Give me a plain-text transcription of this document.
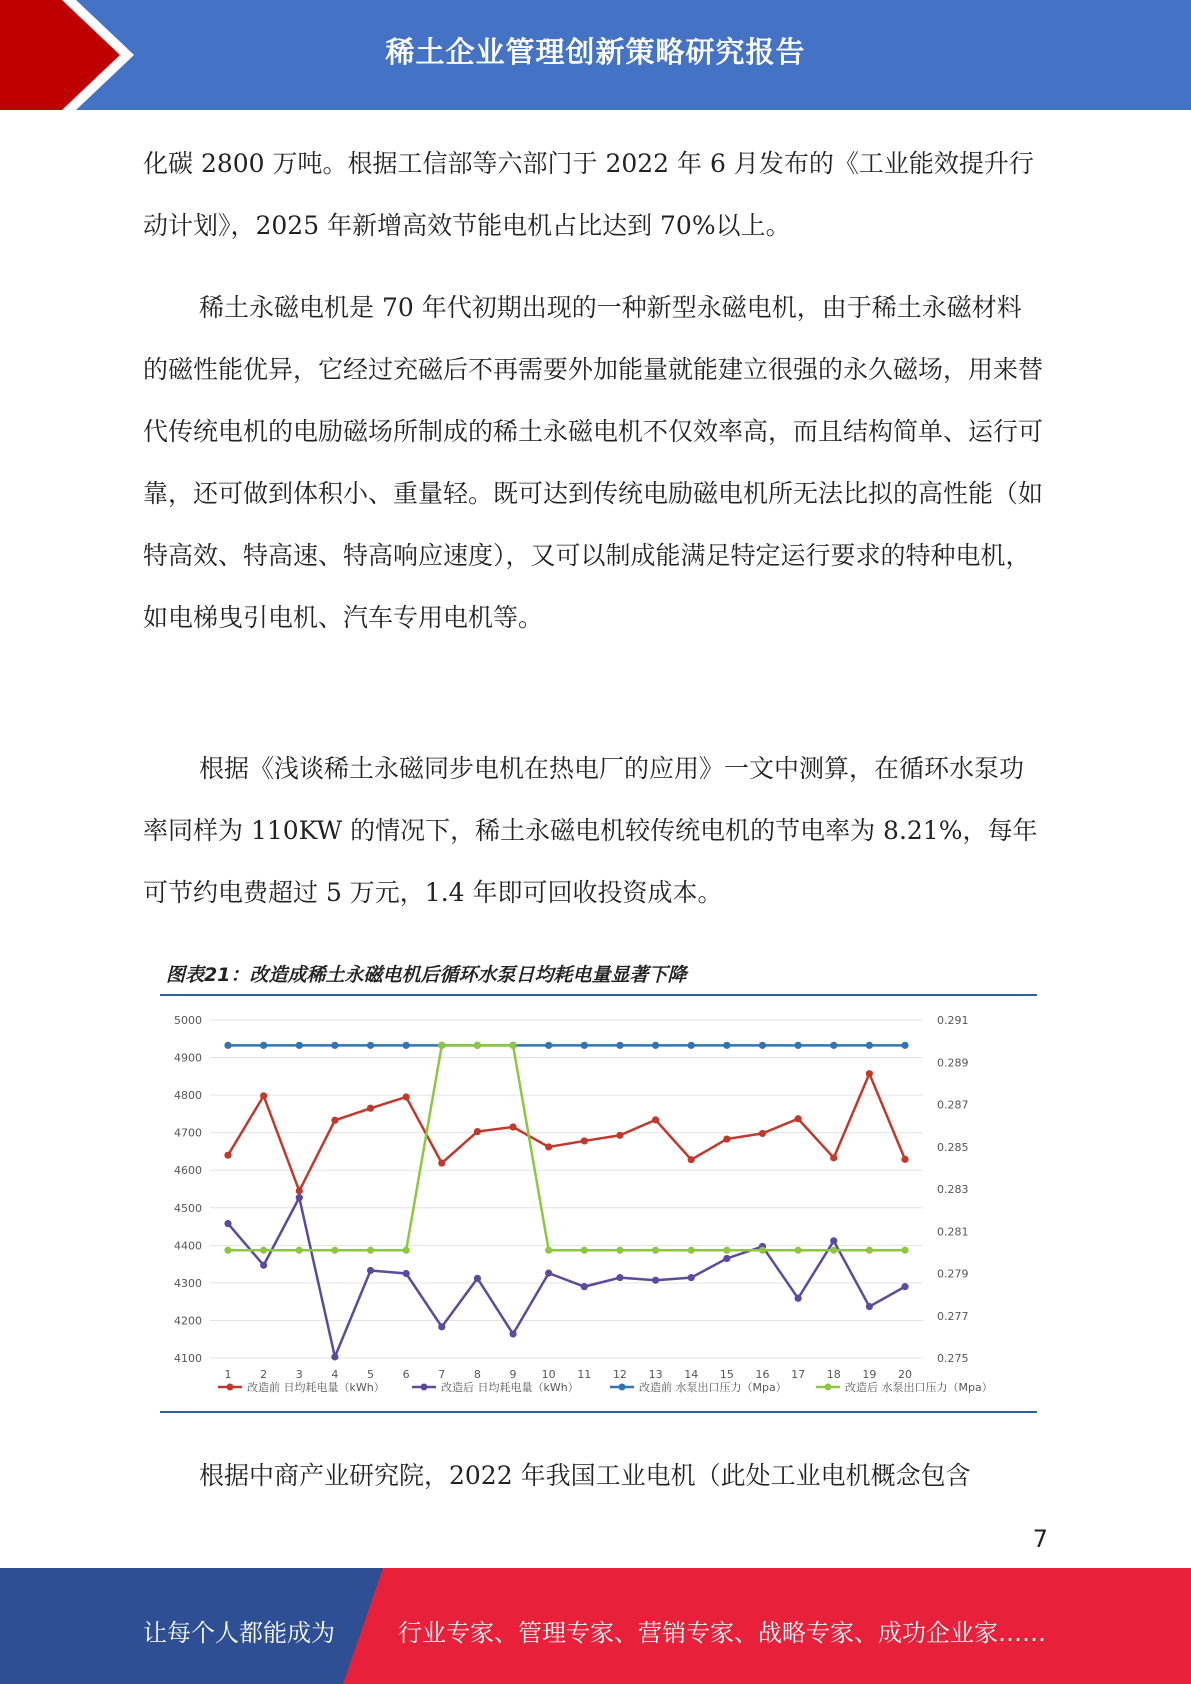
稀土企业管理创新策略研究报告

化碳 2800 万吨。根据工信部等六部门于 2022 年 6 月发布的《工业能效提升行动计划》，2025 年新增高效节能电机占比达到 70%以上。

稀土永磁电机是 70 年代初期出现的一种新型永磁电机，由于稀土永磁材料的磁性能优异，它经过充磁后不再需要外加能量就能建立很强的永久磁场，用来替代传统电机的电励磁场所制成的稀土永磁电机不仅效率高，而且结构简单、运行可靠，还可做到体积小、重量轻。既可达到传统电励磁电机所无法比拟的高性能（如特高效、特高速、特高响应速度），又可以制成能满足特定运行要求的特种电机，如电梯曳引电机、汽车专用电机等。

根据《浅谈稀土永磁同步电机在热电厂的应用》一文中测算，在循环水泵功率同样为 110KW 的情况下，稀土永磁电机较传统电机的节电率为 8.21%，每年可节约电费超过 5 万元，1.4 年即可回收投资成本。

根据中商产业研究院，2022 年我国工业电机（此处工业电机概念包含

图表21：改造成稀土永磁电机后循环水泵日均耗电量显著下降
5000
4900
4800
4700
4600
4500
4400
4300
4200
4100
0.291
0.289
0.287
0.285
0.283
0.281
0.279
0.277
0.275
1	2	3	4	5	6	7	8	9 10 11 12 13 14 15 16 17 18 19 20
改造前 日均耗电量（kWh）	改造后 日均耗电量（kWh）	改造前 水泵出口压力（Mpa）	改造后 水泵出口压力（Mpa）
7
让每个人都能成为	行业专家、管理专家、营销专家、战略专家、成功企业家……
